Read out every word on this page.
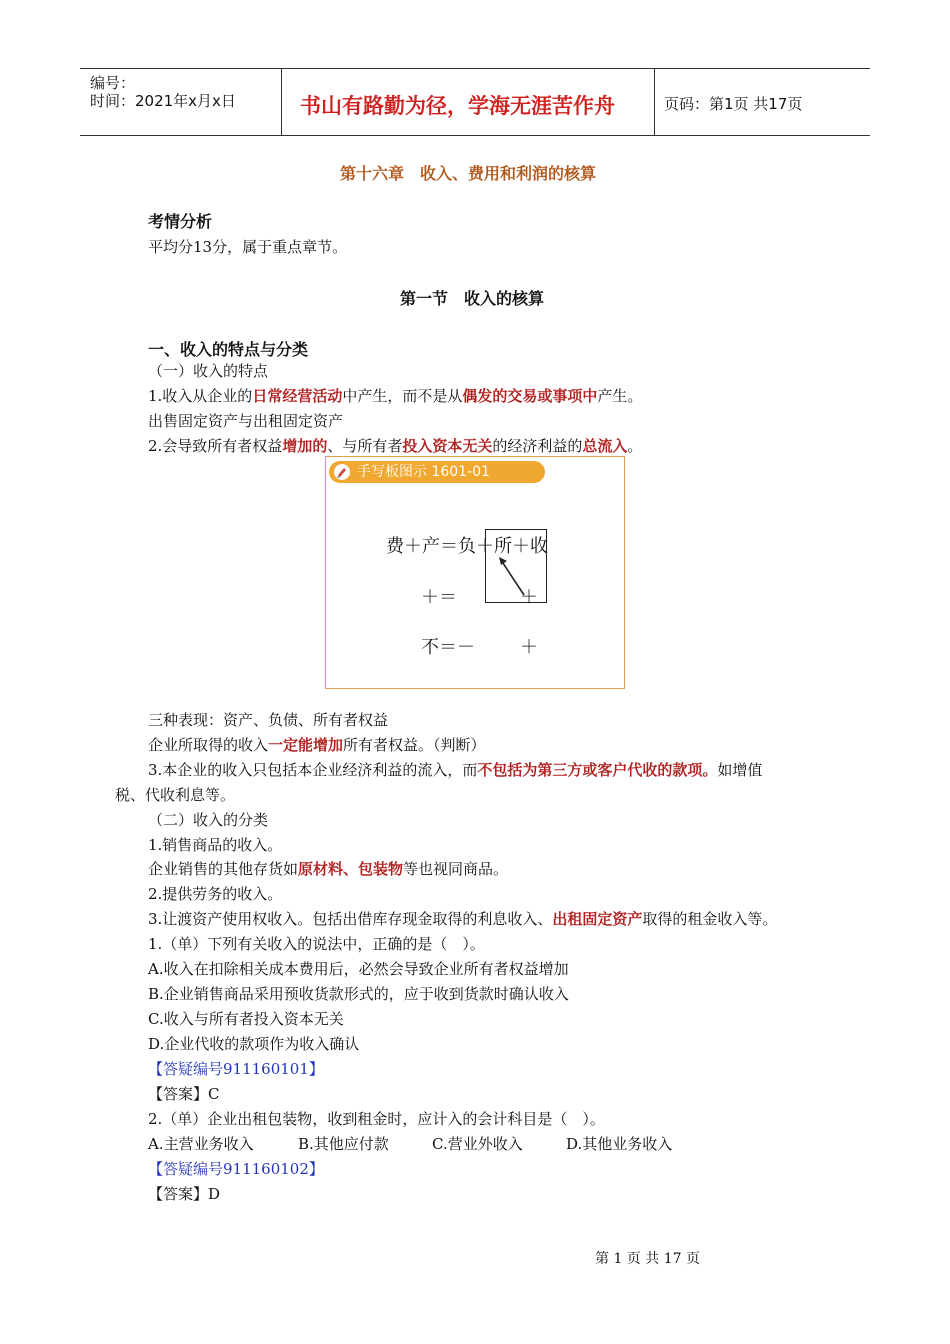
编号：
时间：2021年x月x日	书山有路勤为径，学海无涯苦作舟	页码：第1页 共17页
第十六章　收入、费用和利润的核算
考情分析
平均分13分，属于重点章节。
第一节　收入的核算
一、收入的特点与分类
（一）收入的特点
1.收入从企业的日常经营活动中产生，而不是从偶发的交易或事项中产生。
出售固定资产与出租固定资产
2.会导致所有者权益增加的、与所有者投入资本无关的经济利益的总流入。
手写板图示 1601-01
费＋产＝负＋所＋收
＋＝	＋
不＝－	＋
三种表现：资产、负债、所有者权益
企业所取得的收入一定能增加所有者权益。（判断）
3.本企业的收入只包括本企业经济利益的流入，而不包括为第三方或客户代收的款项。如增值
税、代收利息等。
（二）收入的分类
1.销售商品的收入。
企业销售的其他存货如原材料、包装物等也视同商品。
2.提供劳务的收入。
3.让渡资产使用权收入。包括出借库存现金取得的利息收入、出租固定资产取得的租金收入等。
1.（单）下列有关收入的说法中，正确的是（　）。
A.收入在扣除相关成本费用后，必然会导致企业所有者权益增加
B.企业销售商品采用预收货款形式的，应于收到货款时确认收入
C.收入与所有者投入资本无关
D.企业代收的款项作为收入确认
【答疑编号911160101】
【答案】C
2.（单）企业出租包装物，收到租金时，应计入的会计科目是（　）。
A.主营业务收入	B.其他应付款	C.营业外收入	D.其他业务收入
【答疑编号911160102】
【答案】D
第 1 页 共 17 页
